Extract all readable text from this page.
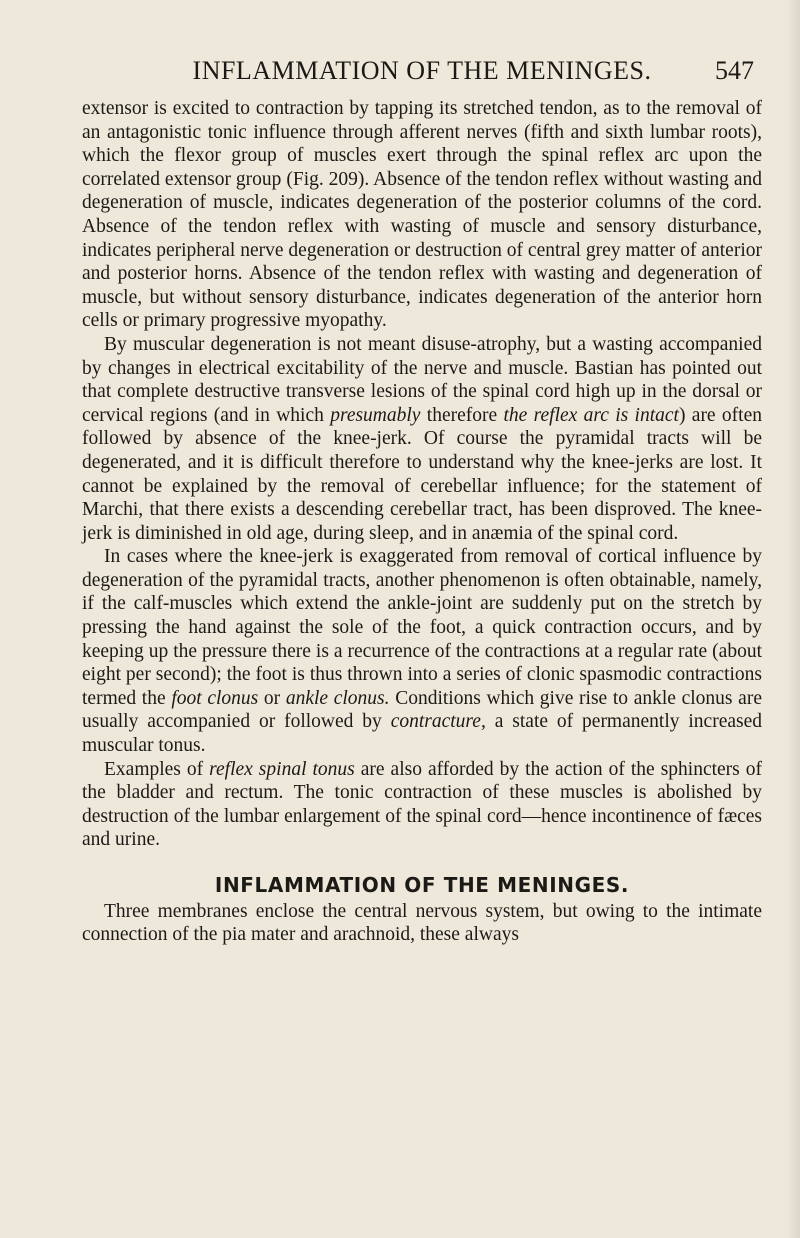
INFLAMMATION OF THE MENINGES.	547

extensor is excited to contraction by tapping its stretched tendon, as to the removal of an antagonistic tonic influence through afferent nerves (fifth and sixth lumbar roots), which the flexor group of muscles exert through the spinal reflex arc upon the correlated extensor group (Fig. 209). Absence of the tendon reflex without wasting and degeneration of muscle, indicates degeneration of the posterior columns of the cord. Absence of the tendon reflex with wasting of muscle and sensory disturbance, indicates peripheral nerve degeneration or destruction of central grey matter of anterior and posterior horns. Absence of the tendon reflex with wasting and degeneration of muscle, but without sensory disturbance, indicates degeneration of the anterior horn cells or primary progressive myopathy.

By muscular degeneration is not meant disuse-atrophy, but a wasting accompanied by changes in electrical excitability of the nerve and muscle. Bastian has pointed out that complete destructive transverse lesions of the spinal cord high up in the dorsal or cervical regions (and in which presumably therefore the reflex arc is intact) are often followed by absence of the knee-jerk. Of course the pyramidal tracts will be degenerated, and it is difficult therefore to understand why the knee-jerks are lost. It cannot be explained by the removal of cerebellar influence; for the statement of Marchi, that there exists a descending cerebellar tract, has been disproved. The knee-jerk is diminished in old age, during sleep, and in anæmia of the spinal cord.

In cases where the knee-jerk is exaggerated from removal of cortical influence by degeneration of the pyramidal tracts, another phenomenon is often obtainable, namely, if the calf-muscles which extend the ankle-joint are suddenly put on the stretch by pressing the hand against the sole of the foot, a quick contraction occurs, and by keeping up the pressure there is a recurrence of the contractions at a regular rate (about eight per second); the foot is thus thrown into a series of clonic spasmodic contractions termed the foot clonus or ankle clonus. Conditions which give rise to ankle clonus are usually accompanied or followed by contracture, a state of permanently increased muscular tonus.

Examples of reflex spinal tonus are also afforded by the action of the sphincters of the bladder and rectum. The tonic contraction of these muscles is abolished by destruction of the lumbar enlargement of the spinal cord—hence incontinence of fæces and urine.

INFLAMMATION OF THE MENINGES.

Three membranes enclose the central nervous system, but owing to the intimate connection of the pia mater and arachnoid, these always
